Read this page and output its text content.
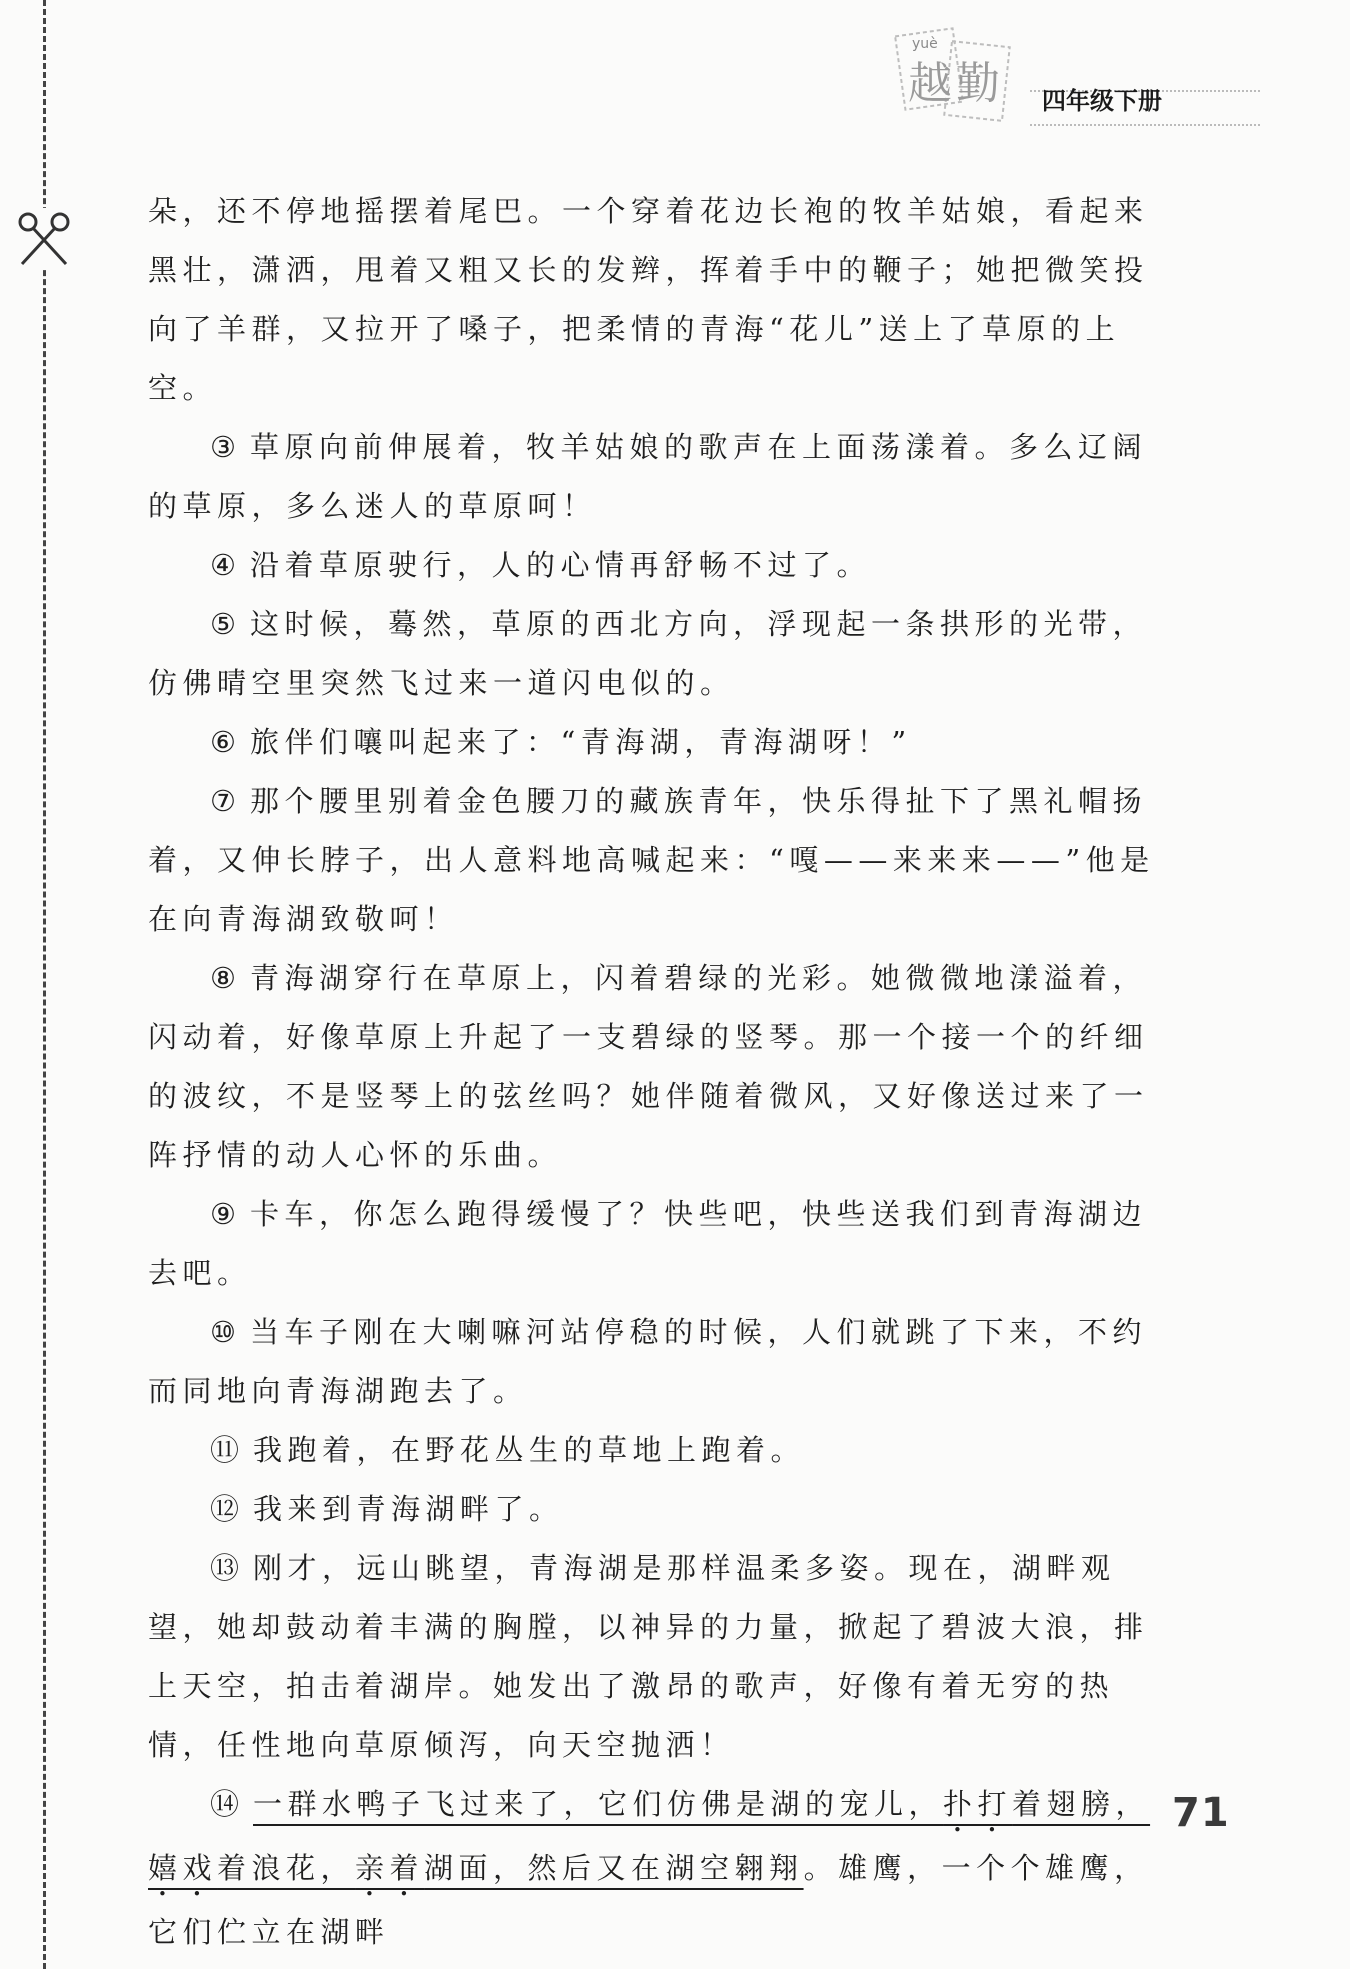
yuè
越勤	四年级下册

朵，还不停地摇摆着尾巴。一个穿着花边长袍的牧羊姑娘，看起来黑壮，潇洒，甩着又粗又长的发辫，挥着手中的鞭子；她把微笑投向了羊群，又拉开了嗓子，把柔情的青海“花儿”送上了草原的上空。

③ 草原向前伸展着，牧羊姑娘的歌声在上面荡漾着。多么辽阔的草原，多么迷人的草原呵！

④ 沿着草原驶行，人的心情再舒畅不过了。

⑤ 这时候，蓦然，草原的西北方向，浮现起一条拱形的光带，仿佛晴空里突然飞过来一道闪电似的。

⑥ 旅伴们嚷叫起来了：“青海湖，青海湖呀！”

⑦ 那个腰里别着金色腰刀的藏族青年，快乐得扯下了黑礼帽扬着，又伸长脖子，出人意料地高喊起来：“嘎——来来来——”他是在向青海湖致敬呵！

⑧ 青海湖穿行在草原上，闪着碧绿的光彩。她微微地漾溢着，闪动着，好像草原上升起了一支碧绿的竖琴。那一个接一个的纤细的波纹，不是竖琴上的弦丝吗？她伴随着微风，又好像送过来了一阵抒情的动人心怀的乐曲。

⑨ 卡车，你怎么跑得缓慢了？快些吧，快些送我们到青海湖边去吧。

⑩ 当车子刚在大喇嘛河站停稳的时候，人们就跳了下来，不约而同地向青海湖跑去了。

⑪ 我跑着，在野花丛生的草地上跑着。

⑫ 我来到青海湖畔了。

⑬ 刚才，远山眺望，青海湖是那样温柔多姿。现在，湖畔观望，她却鼓动着丰满的胸膛，以神异的力量，掀起了碧波大浪，排上天空，拍击着湖岸。她发出了激昂的歌声，好像有着无穷的热情，任性地向草原倾泻，向天空抛洒！

⑭ 一群水鸭子飞过来了，它们仿佛是湖的宠儿，扑打着翅膀，嬉戏着浪花，亲着湖面，然后又在湖空翱翔。雄鹰，一个个雄鹰，它们伫立在湖畔

71
